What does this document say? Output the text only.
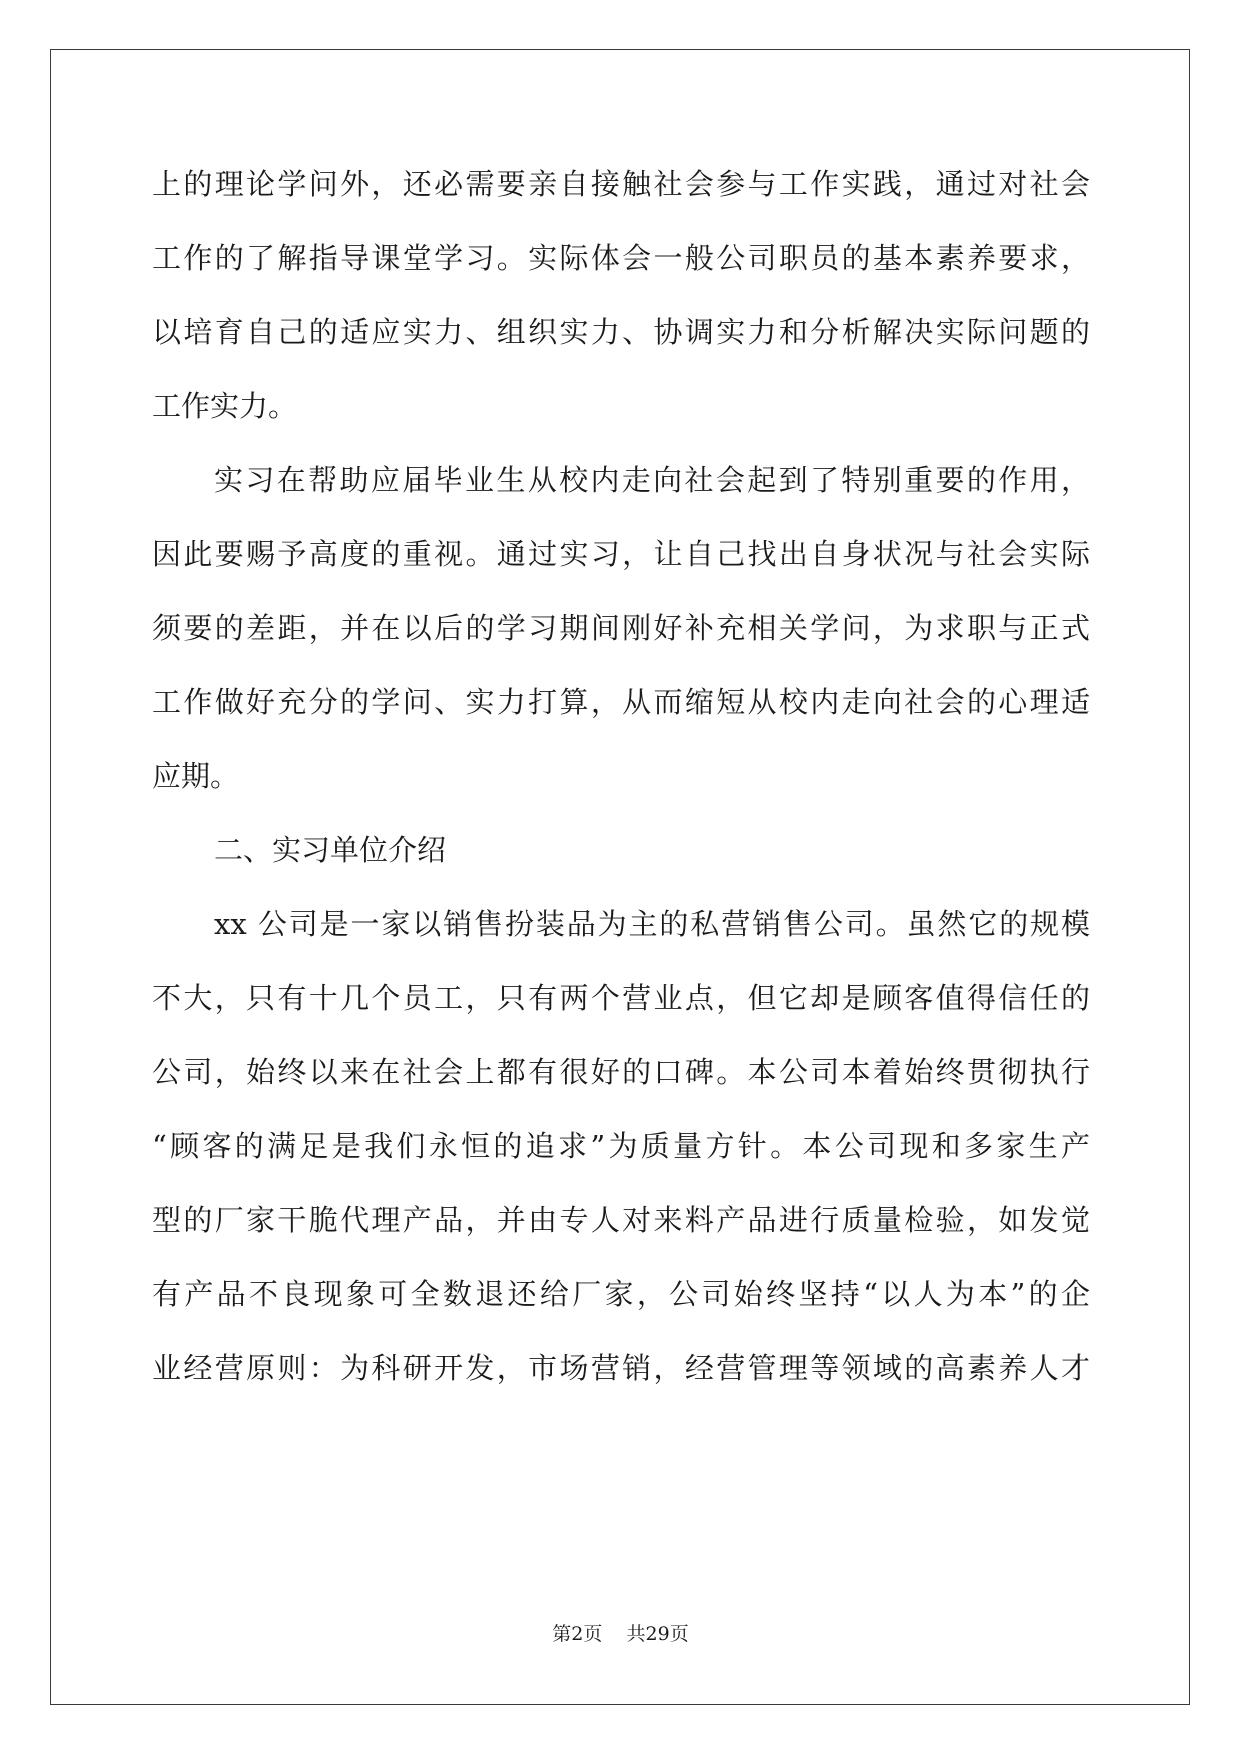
上的理论学问外，还必需要亲自接触社会参与工作实践，通过对社会
工作的了解指导课堂学习。实际体会一般公司职员的基本素养要求，
以培育自己的适应实力、组织实力、协调实力和分析解决实际问题的
工作实力。
实习在帮助应届毕业生从校内走向社会起到了特别重要的作用，
因此要赐予高度的重视。通过实习，让自己找出自身状况与社会实际
须要的差距，并在以后的学习期间刚好补充相关学问，为求职与正式
工作做好充分的学问、实力打算，从而缩短从校内走向社会的心理适
应期。
二、实习单位介绍
xx 公司是一家以销售扮装品为主的私营销售公司。虽然它的规模
不大，只有十几个员工，只有两个营业点，但它却是顾客值得信任的
公司，始终以来在社会上都有很好的口碑。本公司本着始终贯彻执行
“顾客的满足是我们永恒的追求”为质量方针。本公司现和多家生产
型的厂家干脆代理产品，并由专人对来料产品进行质量检验，如发觉
有产品不良现象可全数退还给厂家，公司始终坚持“以人为本”的企
业经营原则：为科研开发，市场营销，经营管理等领域的高素养人才
第2页 共29页
